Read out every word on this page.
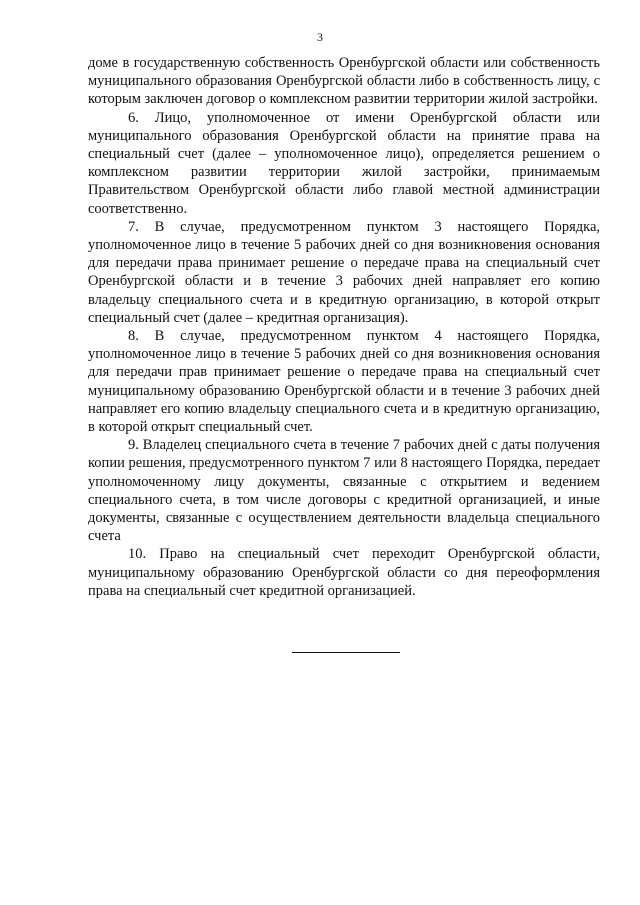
3

доме в государственную собственность Оренбургской области или собственность муниципального образования Оренбургской области либо в собственность лицу, с которым заключен договор о комплексном развитии территории жилой застройки.

6. Лицо, уполномоченное от имени Оренбургской области или муниципального образования Оренбургской области на принятие права на специальный счет (далее – уполномоченное лицо), определяется решением о комплексном развитии территории жилой застройки, принимаемым Правительством Оренбургской области либо главой местной администрации соответственно.

7. В случае, предусмотренном пунктом 3 настоящего Порядка, уполномоченное лицо в течение 5 рабочих дней со дня возникновения основания для передачи права принимает решение о передаче права на специальный счет Оренбургской области и в течение 3 рабочих дней направляет его копию владельцу специального счета и в кредитную организацию, в которой открыт специальный счет (далее – кредитная организация).

8. В случае, предусмотренном пунктом 4 настоящего Порядка, уполномоченное лицо в течение 5 рабочих дней со дня возникновения основания для передачи прав принимает решение о передаче права на специальный счет муниципальному образованию Оренбургской области и в течение 3 рабочих дней направляет его копию владельцу специального счета и в кредитную организацию, в которой открыт специальный счет.

9. Владелец специального счета в течение 7 рабочих дней с даты получения копии решения, предусмотренного пунктом 7 или 8 настоящего Порядка, передает уполномоченному лицу документы, связанные с открытием и ведением специального счета, в том числе договоры с кредитной организацией, и иные документы, связанные с осуществлением деятельности владельца специального счета

10. Право на специальный счет переходит Оренбургской области, муниципальному образованию Оренбургской области со дня переоформления права на специальный счет кредитной организацией.
